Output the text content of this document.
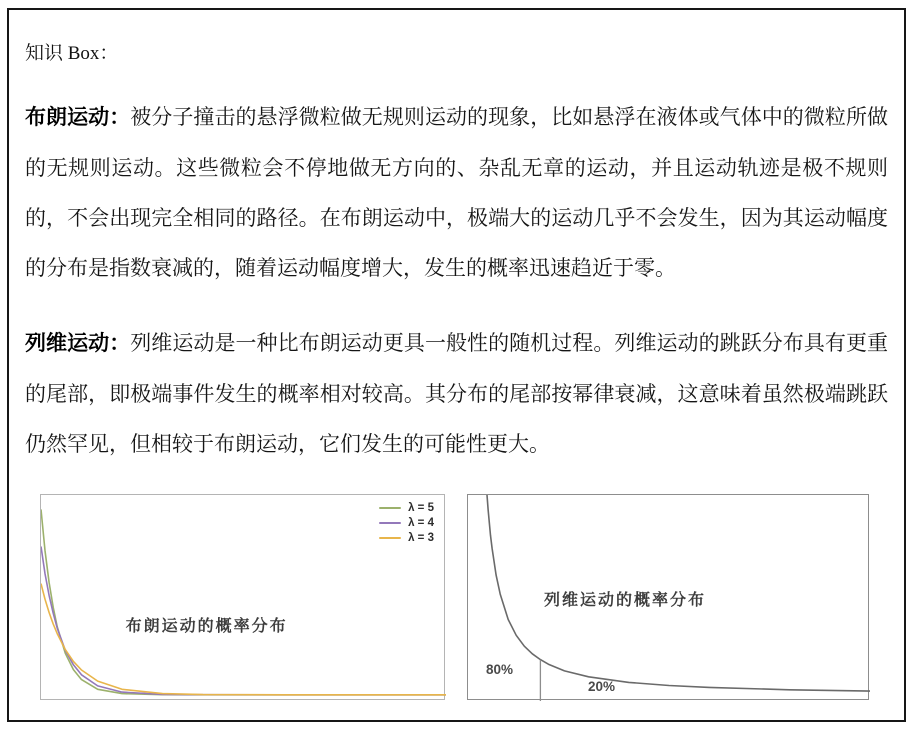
知识 Box：
布朗运动：被分子撞击的悬浮微粒做无规则运动的现象，比如悬浮在液体或气体中的微粒所做的无规则运动。这些微粒会不停地做无方向的、杂乱无章的运动，并且运动轨迹是极不规则的，不会出现完全相同的路径。在布朗运动中，极端大的运动几乎不会发生，因为其运动幅度的分布是指数衰减的，随着运动幅度增大，发生的概率迅速趋近于零。
列维运动：列维运动是一种比布朗运动更具一般性的随机过程。列维运动的跳跃分布具有更重的尾部，即极端事件发生的概率相对较高。其分布的尾部按幂律衰减，这意味着虽然极端跳跃仍然罕见，但相较于布朗运动，它们发生的可能性更大。
布朗运动的概率分布
λ = 5
λ = 4
λ = 3
列维运动的概率分布
80%
20%
